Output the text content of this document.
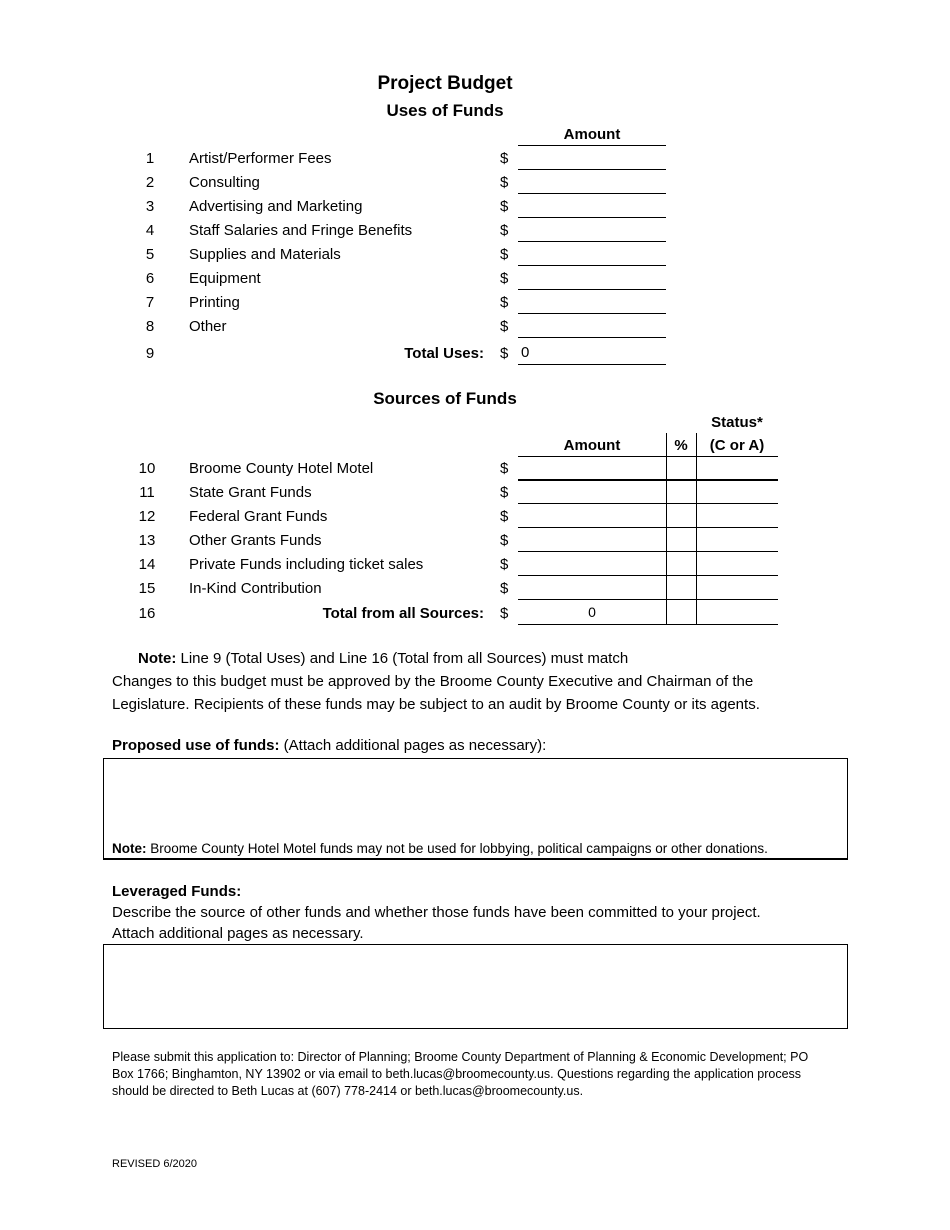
Project Budget
Uses of Funds
Amount
1	Artist/Performer Fees	$
2	Consulting	$
3	Advertising and Marketing	$
4	Staff Salaries and Fringe Benefits	$
5	Supplies and Materials	$
6	Equipment	$
7	Printing	$
8	Other	$
9	Total Uses: $ 0
Sources of Funds
Status*
Amount	%	(C or A)
10 Broome County Hotel Motel	$
11 State Grant Funds	$
12 Federal Grant Funds	$
13 Other Grants Funds	$
14 Private Funds including ticket sales	$
15 In-Kind Contribution	$
16	Total from all Sources: $	0
Note: Line 9 (Total Uses) and Line 16 (Total from all Sources) must match
Changes to this budget must be approved by the Broome County Executive and Chairman of the
Legislature. Recipients of these funds may be subject to an audit by Broome County or its agents.
Proposed use of funds: (Attach additional pages as necessary):
Note: Broome County Hotel Motel funds may not be used for lobbying, political campaigns or other donations.
Leveraged Funds:
Describe the source of other funds and whether those funds have been committed to your project.
Attach additional pages as necessary.
Please submit this application to: Director of Planning; Broome County Department of Planning & Economic Development; PO Box 1766; Binghamton, NY 13902 or via email to beth.lucas@broomecounty.us. Questions regarding the application process should be directed to Beth Lucas at (607) 778-2414 or beth.lucas@broomecounty.us.
REVISED 6/2020
